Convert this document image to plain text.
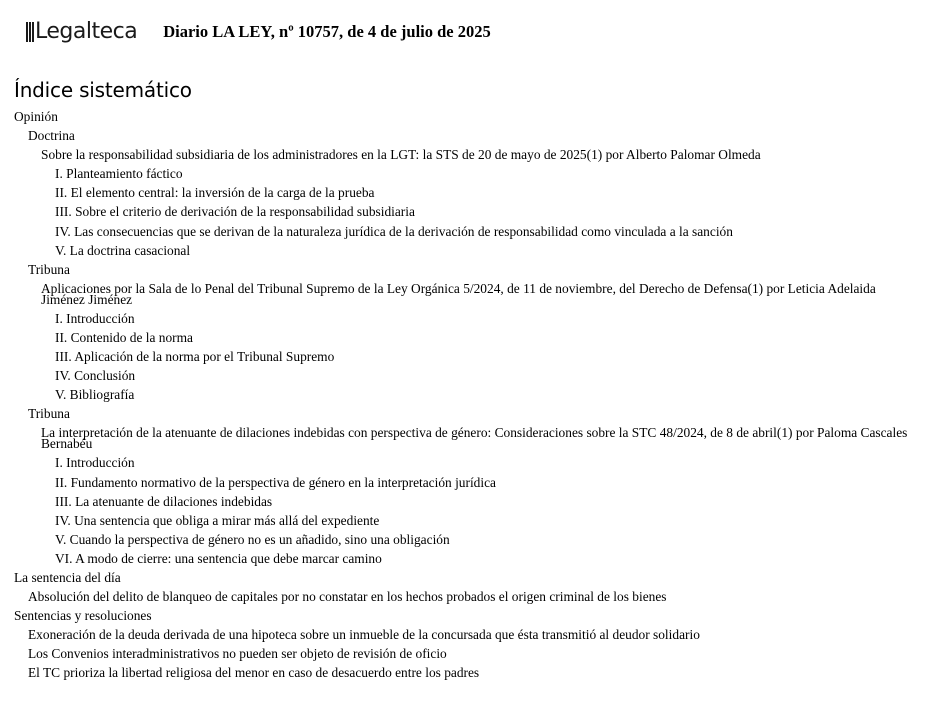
Legalteca Diario LA LEY, nº 10757, de 4 de julio de 2025
Índice sistemático
Opinión
Doctrina
Sobre la responsabilidad subsidiaria de los administradores en la LGT: la STS de 20 de mayo de 2025(1) por Alberto Palomar Olmeda
I. Planteamiento fáctico
II. El elemento central: la inversión de la carga de la prueba
III. Sobre el criterio de derivación de la responsabilidad subsidiaria
IV. Las consecuencias que se derivan de la naturaleza jurídica de la derivación de responsabilidad como vinculada a la sanción
V. La doctrina casacional
Tribuna
Aplicaciones por la Sala de lo Penal del Tribunal Supremo de la Ley Orgánica 5/2024, de 11 de noviembre, del Derecho de Defensa(1) por Leticia Adelaida Jiménez Jiménez
I. Introducción
II. Contenido de la norma
III. Aplicación de la norma por el Tribunal Supremo
IV. Conclusión
V. Bibliografía
Tribuna
La interpretación de la atenuante de dilaciones indebidas con perspectiva de género: Consideraciones sobre la STC 48/2024, de 8 de abril(1) por Paloma Cascales Bernabéu
I. Introducción
II. Fundamento normativo de la perspectiva de género en la interpretación jurídica
III. La atenuante de dilaciones indebidas
IV. Una sentencia que obliga a mirar más allá del expediente
V. Cuando la perspectiva de género no es un añadido, sino una obligación
VI. A modo de cierre: una sentencia que debe marcar camino
La sentencia del día
Absolución del delito de blanqueo de capitales por no constatar en los hechos probados el origen criminal de los bienes
Sentencias y resoluciones
Exoneración de la deuda derivada de una hipoteca sobre un inmueble de la concursada que ésta transmitió al deudor solidario
Los Convenios interadministrativos no pueden ser objeto de revisión de oficio
El TC prioriza la libertad religiosa del menor en caso de desacuerdo entre los padres
